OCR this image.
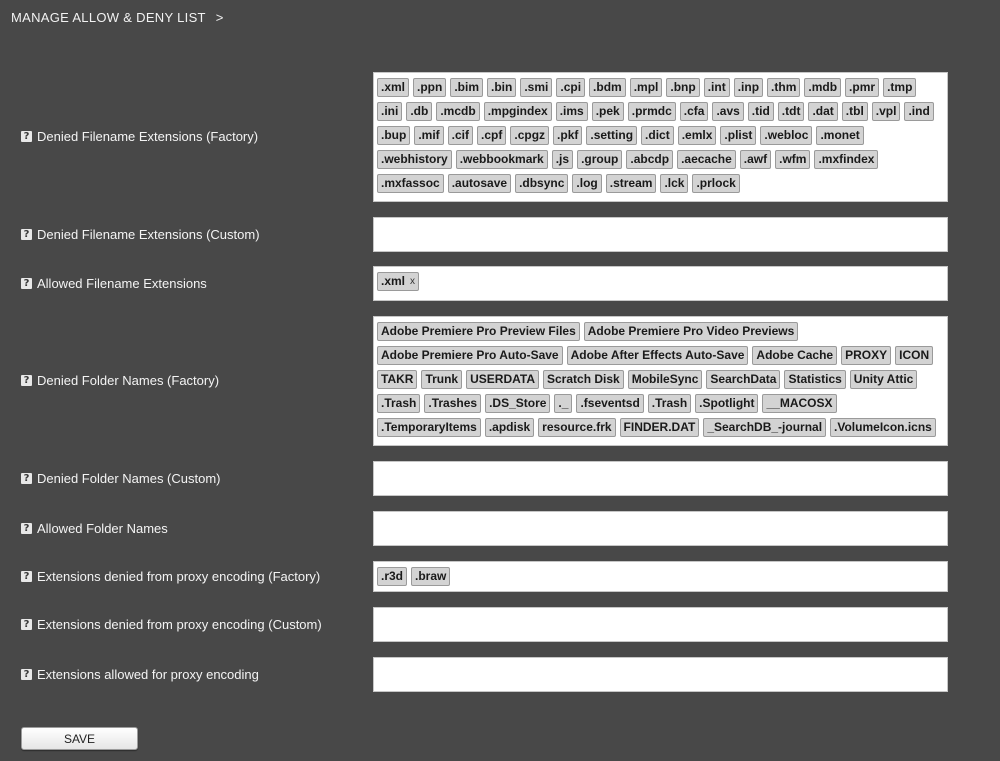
MANAGE ALLOW & DENY LIST >
? Denied Filename Extensions (Factory)
.xml .ppn .bim .bin .smi .cpi .bdm .mpl .bnp .int .inp .thm .mdb .pmr .tmp
.ini .db .mcdb .mpgindex .ims .pek .prmdc .cfa .avs .tid .tdt .dat .tbl .vpl .ind
.bup .mif .cif .cpf .cpgz .pkf .setting .dict .emlx .plist .webloc .monet
.webhistory .webbookmark .js .group .abcdp .aecache .awf .wfm .mxfindex
.mxfassoc .autosave .dbsync .log .stream .lck .prlock
? Denied Filename Extensions (Custom)
? Allowed Filename Extensions	.xml x
? Denied Folder Names (Factory)
Adobe Premiere Pro Preview Files Adobe Premiere Pro Video Previews
Adobe Premiere Pro Auto-Save Adobe After Effects Auto-Save Adobe Cache PROXY ICON
TAKR Trunk USERDATA Scratch Disk MobileSync SearchData Statistics Unity Attic
.Trash .Trashes .DS_Store ._ .fseventsd .Trash .Spotlight __MACOSX
.TemporaryItems .apdisk resource.frk FINDER.DAT _SearchDB_-journal .VolumeIcon.icns
? Denied Folder Names (Custom)
? Allowed Folder Names
? Extensions denied from proxy encoding (Factory)	.r3d .braw
? Extensions denied from proxy encoding (Custom)
? Extensions allowed for proxy encoding
SAVE
